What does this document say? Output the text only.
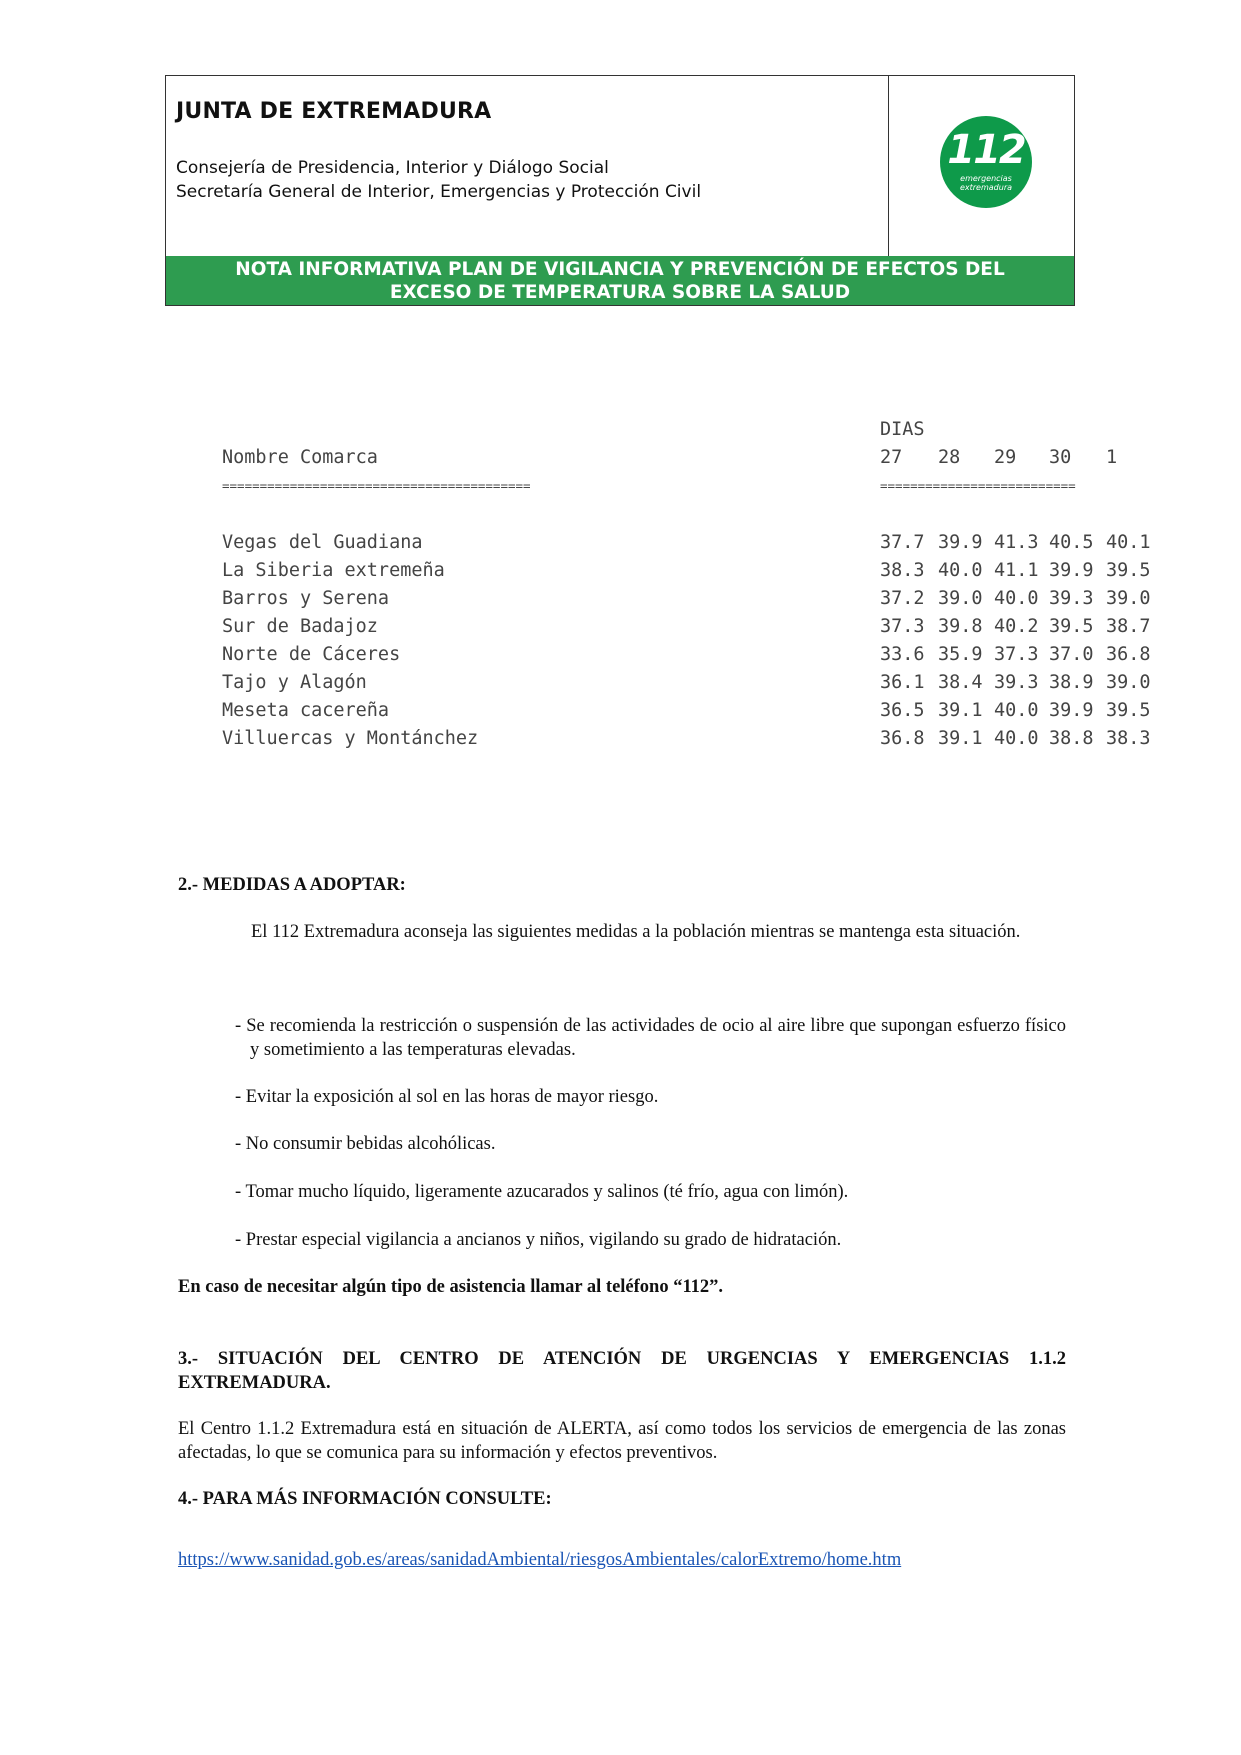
JUNTA DE EXTREMADURA
Consejería de Presidencia, Interior y Diálogo Social
Secretaría General de Interior, Emergencias y Protección Civil
112
emergencias
extremadura
NOTA INFORMATIVA PLAN DE VIGILANCIA Y PREVENCIÓN DE EFECTOS DEL
EXCESO DE TEMPERATURA SOBRE LA SALUD
DIAS
Nombre Comarca	27 28 29 30 1
=========================================	==========================
Vegas del Guadiana	37.7 39.9 41.3 40.5 40.1
La Siberia extremeña	38.3 40.0 41.1 39.9 39.5
Barros y Serena	37.2 39.0 40.0 39.3 39.0
Sur de Badajoz	37.3 39.8 40.2 39.5 38.7
Norte de Cáceres	33.6 35.9 37.3 37.0 36.8
Tajo y Alagón	36.1 38.4 39.3 38.9 39.0
Meseta cacereña	36.5 39.1 40.0 39.9 39.5
Villuercas y Montánchez	36.8 39.1 40.0 38.8 38.3
2.- MEDIDAS A ADOPTAR:
El 112 Extremadura aconseja las siguientes medidas a la población mientras se mantenga esta situación.
- Se recomienda la restricción o suspensión de las actividades de ocio al aire libre que supongan esfuerzo físico y sometimiento a las temperaturas elevadas.
- Evitar la exposición al sol en las horas de mayor riesgo.
- No consumir bebidas alcohólicas.
- Tomar mucho líquido, ligeramente azucarados y salinos (té frío, agua con limón).
- Prestar especial vigilancia a ancianos y niños, vigilando su grado de hidratación.
En caso de necesitar algún tipo de asistencia llamar al teléfono “112”.
3.- SITUACIÓN DEL CENTRO DE ATENCIÓN DE URGENCIAS Y EMERGENCIAS 1.1.2 EXTREMADURA.
El Centro 1.1.2 Extremadura está en situación de ALERTA, así como todos los servicios de emergencia de las zonas afectadas, lo que se comunica para su información y efectos preventivos.
4.- PARA MÁS INFORMACIÓN CONSULTE:
https://www.sanidad.gob.es/areas/sanidadAmbiental/riesgosAmbientales/calorExtremo/home.htm
